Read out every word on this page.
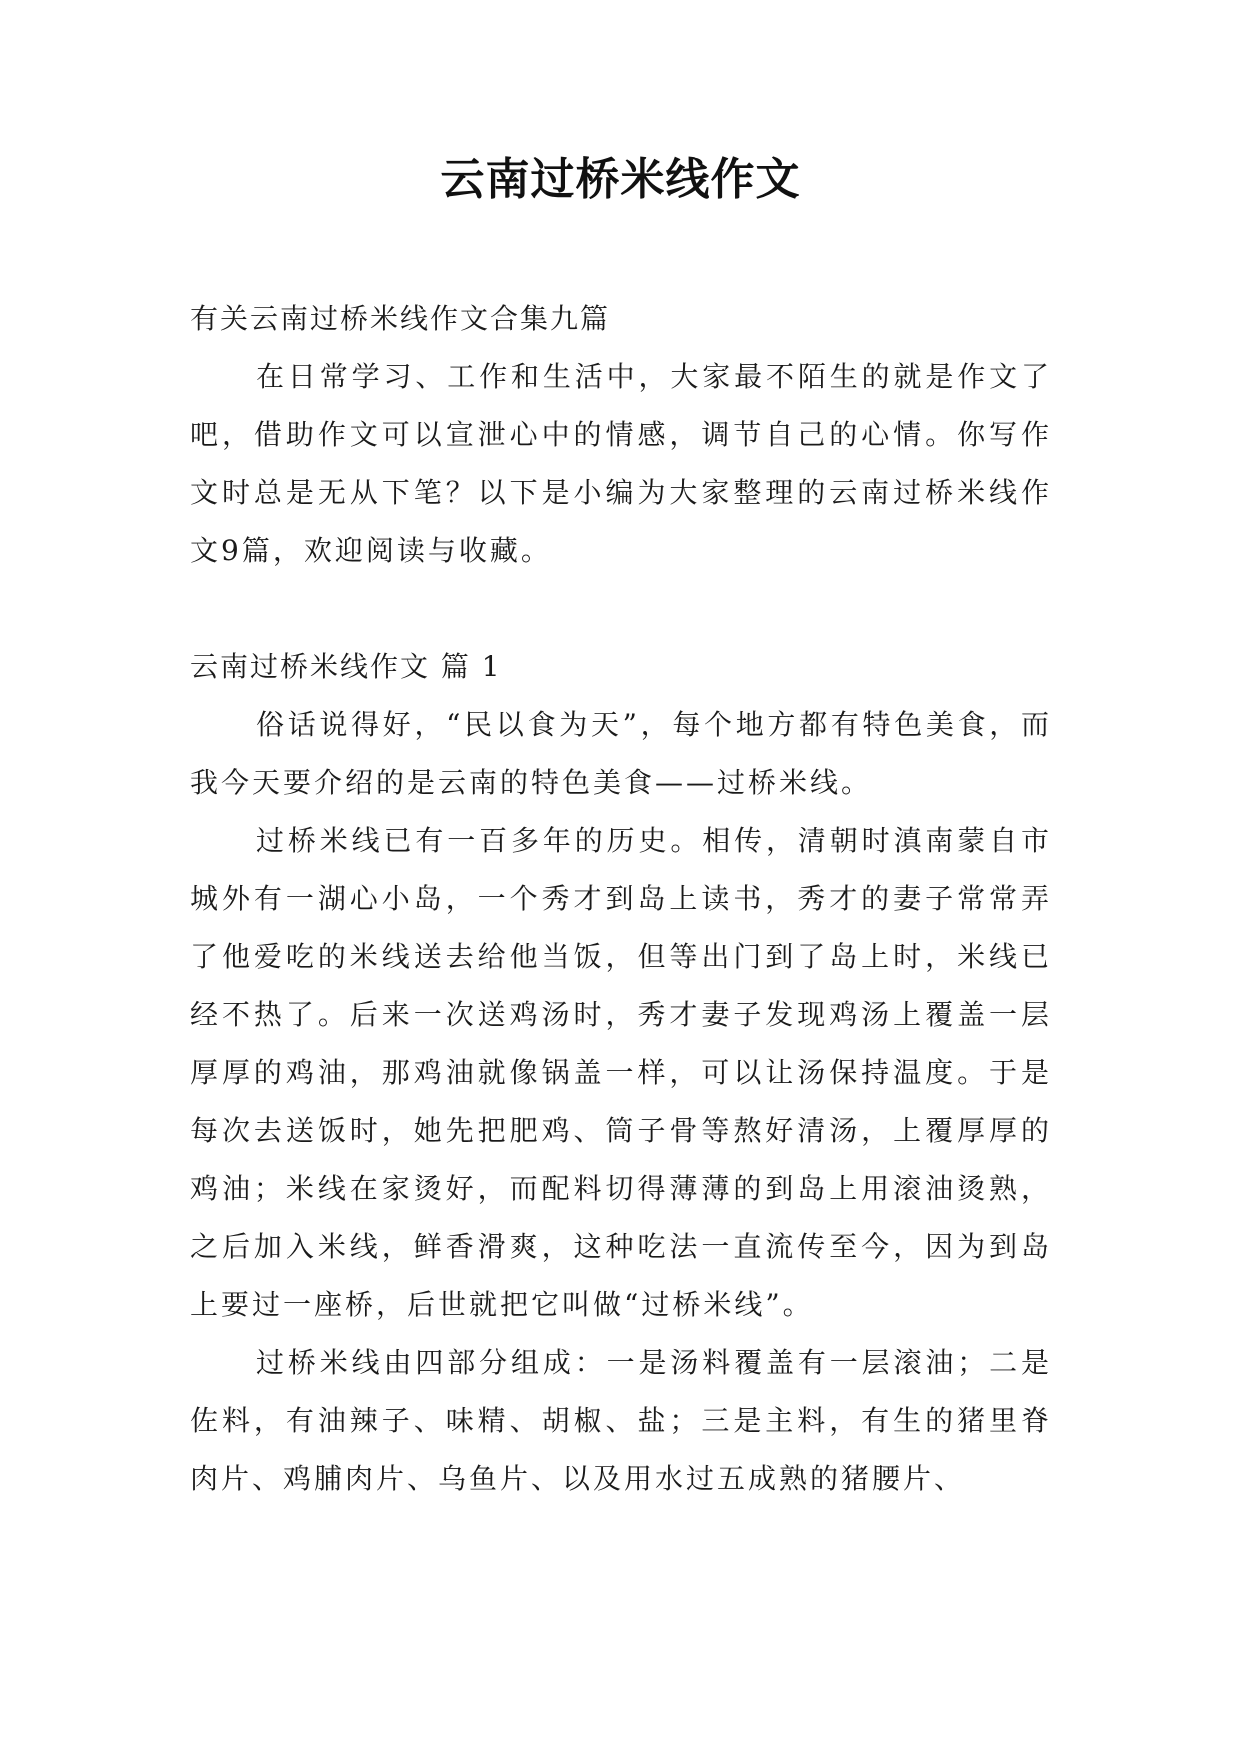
云南过桥米线作文
有关云南过桥米线作文合集九篇

在日常学习、工作和生活中，大家最不陌生的就是作文了吧，借助作文可以宣泄心中的情感，调节自己的心情。你写作文时总是无从下笔？以下是小编为大家整理的云南过桥米线作文9篇，欢迎阅读与收藏。

云南过桥米线作文 篇 1

俗话说得好，“民以食为天”，每个地方都有特色美食，而我今天要介绍的是云南的特色美食——过桥米线。

过桥米线已有一百多年的历史。相传，清朝时滇南蒙自市城外有一湖心小岛，一个秀才到岛上读书，秀才的妻子常常弄了他爱吃的米线送去给他当饭，但等出门到了岛上时，米线已经不热了。后来一次送鸡汤时，秀才妻子发现鸡汤上覆盖一层厚厚的鸡油，那鸡油就像锅盖一样，可以让汤保持温度。于是每次去送饭时，她先把肥鸡、筒子骨等熬好清汤，上覆厚厚的鸡油；米线在家烫好，而配料切得薄薄的到岛上用滚油烫熟，之后加入米线，鲜香滑爽，这种吃法一直流传至今，因为到岛上要过一座桥，后世就把它叫做“过桥米线”。

过桥米线由四部分组成：一是汤料覆盖有一层滚油；二是佐料，有油辣子、味精、胡椒、盐；三是主料，有生的猪里脊肉片、鸡脯肉片、乌鱼片、以及用水过五成熟的猪腰片、
